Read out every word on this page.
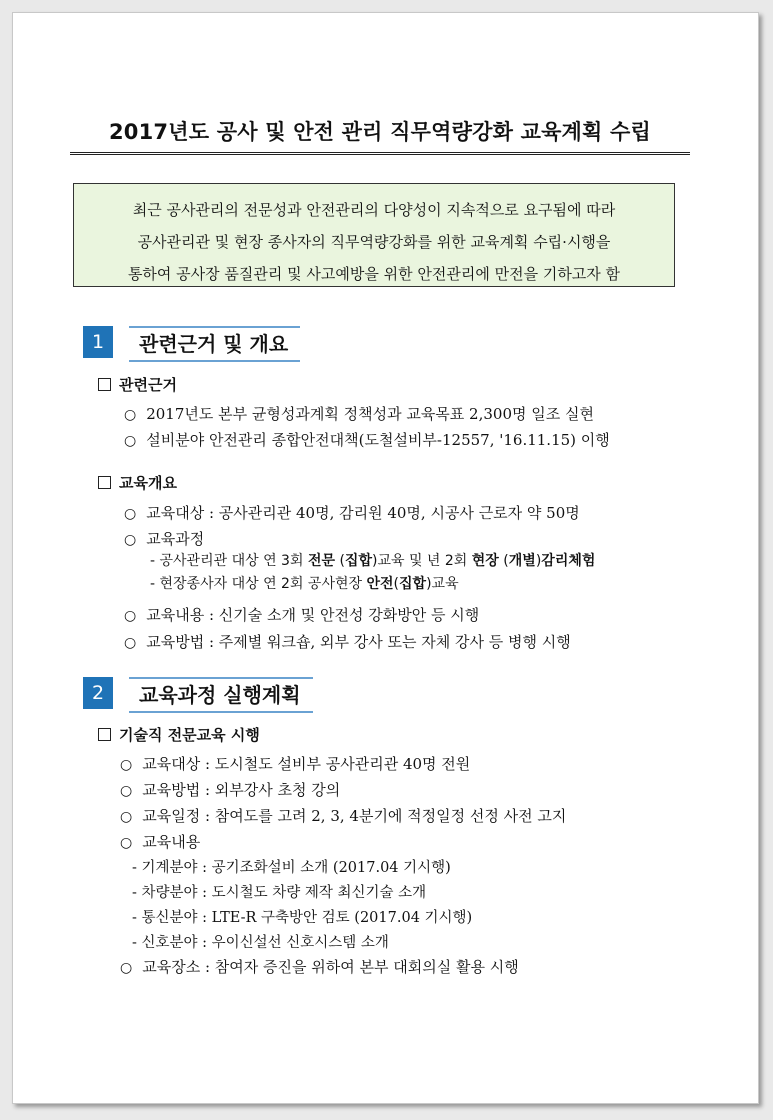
2017년도 공사 및 안전 관리 직무역량강화 교육계획 수립
최근 공사관리의 전문성과 안전관리의 다양성이 지속적으로 요구됨에 따라
공사관리관 및 현장 종사자의 직무역량강화를 위한 교육계획 수립·시행을
통하여 공사장 품질관리 및 사고예방을 위한 안전관리에 만전을 기하고자 함
1	관련근거 및 개요
관련근거
○ 2017년도 본부 균형성과계획 정책성과 교육목표 2,300명 일조 실현
○ 설비분야 안전관리 종합안전대책(도철설비부-12557, '16.11.15) 이행
교육개요
○ 교육대상 : 공사관리관 40명, 감리원 40명, 시공사 근로자 약 50명
○ 교육과정
- 공사관리관 대상 연 3회 전문 (집합)교육 및 년 2회 현장 (개별)감리체험
- 현장종사자 대상 연 2회 공사현장 안전(집합)교육
○ 교육내용 : 신기술 소개 및 안전성 강화방안 등 시행
○ 교육방법 : 주제별 워크숍, 외부 강사 또는 자체 강사 등 병행 시행
2	교육과정 실행계획
기술직 전문교육 시행
○ 교육대상 : 도시철도 설비부 공사관리관 40명 전원
○ 교육방법 : 외부강사 초청 강의
○ 교육일정 : 참여도를 고려 2, 3, 4분기에 적정일정 선정 사전 고지
○ 교육내용
- 기계분야 : 공기조화설비 소개 (2017.04 기시행)
- 차량분야 : 도시철도 차량 제작 최신기술 소개
- 통신분야 : LTE-R 구축방안 검토 (2017.04 기시행)
- 신호분야 : 우이신설선 신호시스템 소개
○ 교육장소 : 참여자 증진을 위하여 본부 대회의실 활용 시행
